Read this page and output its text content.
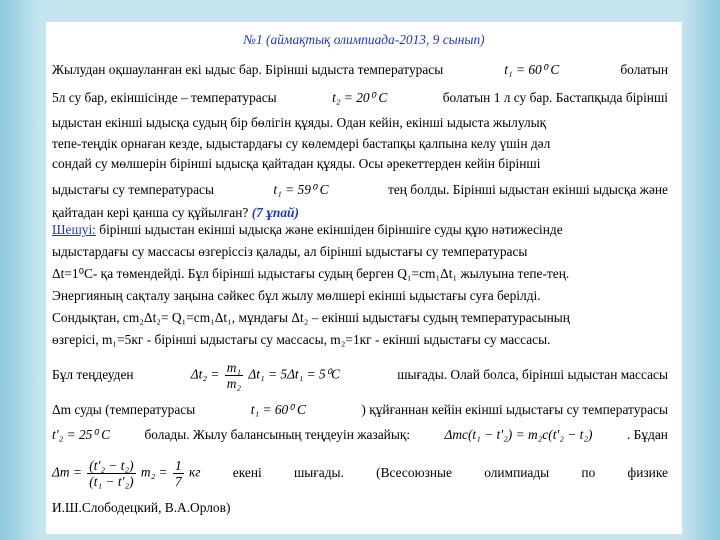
№1 (аймақтық олимпиада-2013, 9 сынып)
Жылудан оқшауланған екі ыдыс бар. Бірінші ыдыста температурасы	t₁ = 60⁰ C	болатын
5л су бар, екіншісінде – температурасы	t₂ = 20⁰ C	болатын 1 л су бар. Бастапқыда бірінші
ыдыстан екінші ыдысқа судың бір бөлігін құяды. Одан кейін, екінші ыдыста жылулық
тепе-теңдік орнаған кезде, ыдыстардағы су көлемдері бастапқы қалпына келу үшін дәл
сондай су мөлшерін бірінші ыдысқа қайтадан құяды. Осы әрекеттерден кейін бірінші
ыдыстағы су температурасы	t₁ = 59⁰ C	тең болды. Бірінші ыдыстан екінші ыдысқа және
қайтадан кері қанша су құйылған? (7 ұпай)
Шешуі: бірінші ыдыстан екінші ыдысқа және екіншіден біріншіге суды құю нәтижесінде
ыдыстардағы су массасы өзгеріссіз қалады, ал бірінші ыдыстағы су температурасы
Δt=1⁰С- қа төмендейді. Бұл бірінші ыдыстағы судың берген Q₁=cm₁Δt₁ жылуына тепе-тең.
Энергияның сақталу заңына сәйкес бұл жылу мөлшері екінші ыдыстағы суға берілді.
Сондықтан, cm₂Δt₂= Q₁=cm₁Δt₁, мұндағы Δt₂ – екінші ыдыстағы судың температурасының
өзгерісі, m₁=5кг - бірінші ыдыстағы су массасы, m₂=1кг - екінші ыдыстағы су массасы.
Бұл теңдеуден	$\Delta t_2 = \frac{\text{m₁}}{\text{m₂}} \Delta t_1 = 5\Delta t_1 = 5^0C$	шығады. Олай болса, бірінші ыдыстан массасы
Δm суды (температурасы	t₁ = 60⁰ C	) құйғаннан кейін екінші ыдыстағы су температурасы
t'₂ = 25⁰ C	болады. Жылу балансының теңдеуін жазайық:	Δmc(t₁ − t'₂) = m₂c(t'₂ − t₂)	. Бұдан
$\Delta m = \frac{\text{(t'₂ − t₂)}}{\text{(t₁ − t'₂)}} m_2 = \frac{1}{7}$ кг екені шығады. (Всесоюзные олимпиады по физике
И.Ш.Слободецкий, В.А.Орлов)
